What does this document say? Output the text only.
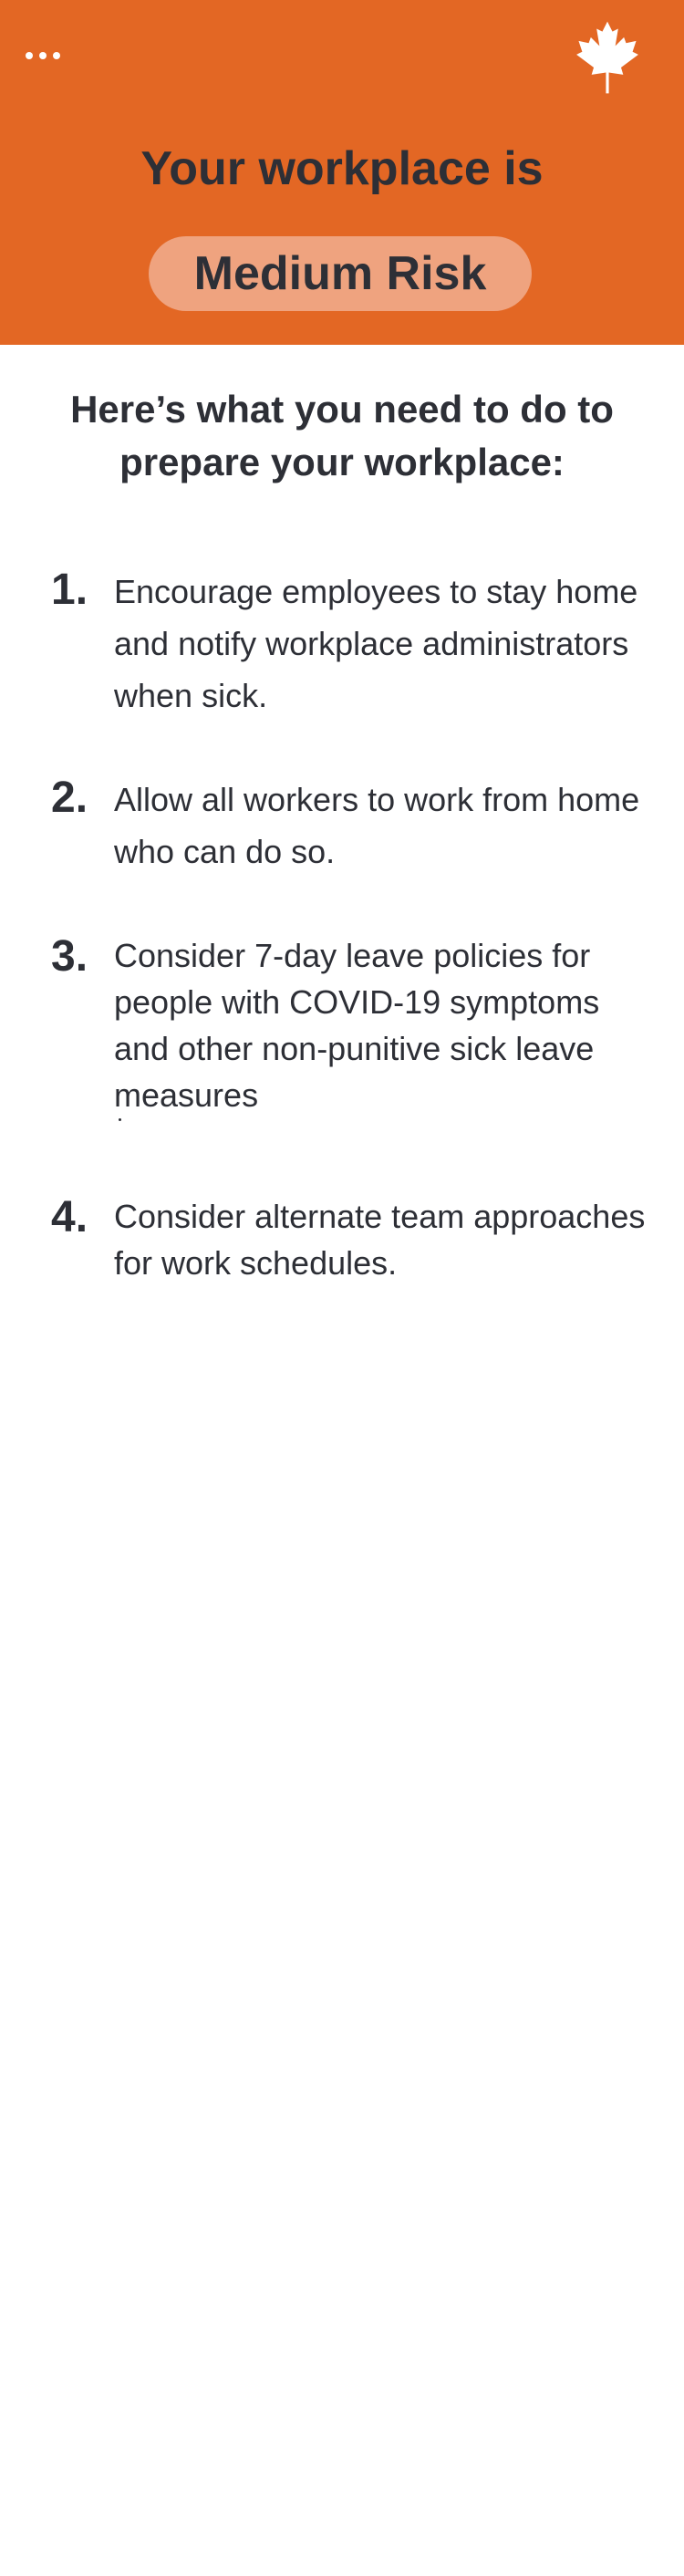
Your workplace is
Medium Risk
Here’s what you need to do to prepare your workplace:
1. Encourage employees to stay home and notify workplace administrators when sick.

2. Allow all workers to work from home who can do so.

3. Consider 7-day leave policies for people with COVID-19 symptoms and other non-punitive sick leave measures

4. Consider alternate team approaches for work schedules.
